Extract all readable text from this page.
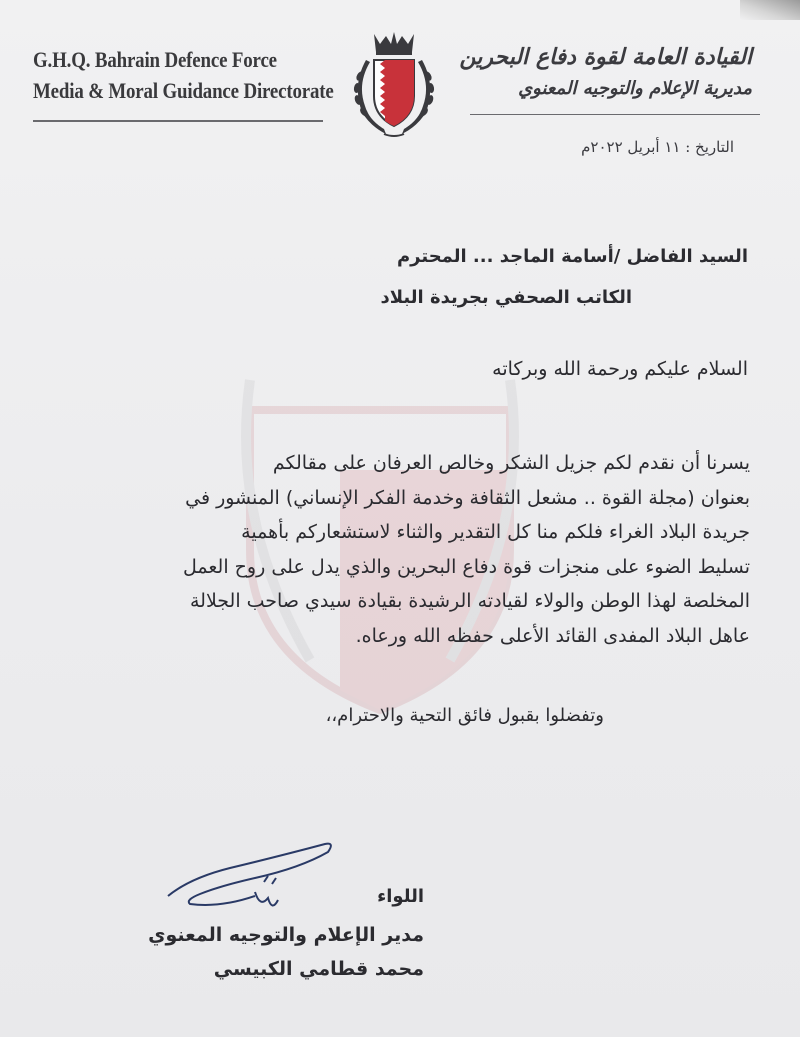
G.H.Q. Bahrain Defence Force
Media & Moral Guidance Directorate
القيادة العامة لقوة دفاع البحرين
مديرية الإعلام والتوجيه المعنوي
التاريخ : ١١ أبريل ٢٠٢٢م
السيد الفاضل /أسامة الماجد ... المحترم
الكاتب الصحفي بجريدة البلاد
السلام عليكم ورحمة الله وبركاته
يسرنا أن نقدم لكم جزيل الشكر وخالص العرفان على مقالكم
بعنوان (مجلة القوة .. مشعل الثقافة وخدمة الفكر الإنساني) المنشور في
جريدة البلاد الغراء فلكم منا كل التقدير والثناء لاستشعاركم بأهمية
تسليط الضوء على منجزات قوة دفاع البحرين والذي يدل على روح العمل
المخلصة لهذا الوطن والولاء لقيادته الرشيدة بقيادة سيدي صاحب الجلالة
عاهل البلاد المفدى القائد الأعلى حفظه الله ورعاه.
وتفضلوا بقبول فائق التحية والاحترام،،
اللواء
مدير الإعلام والتوجيه المعنوي
محمد قطامي الكبيسي
